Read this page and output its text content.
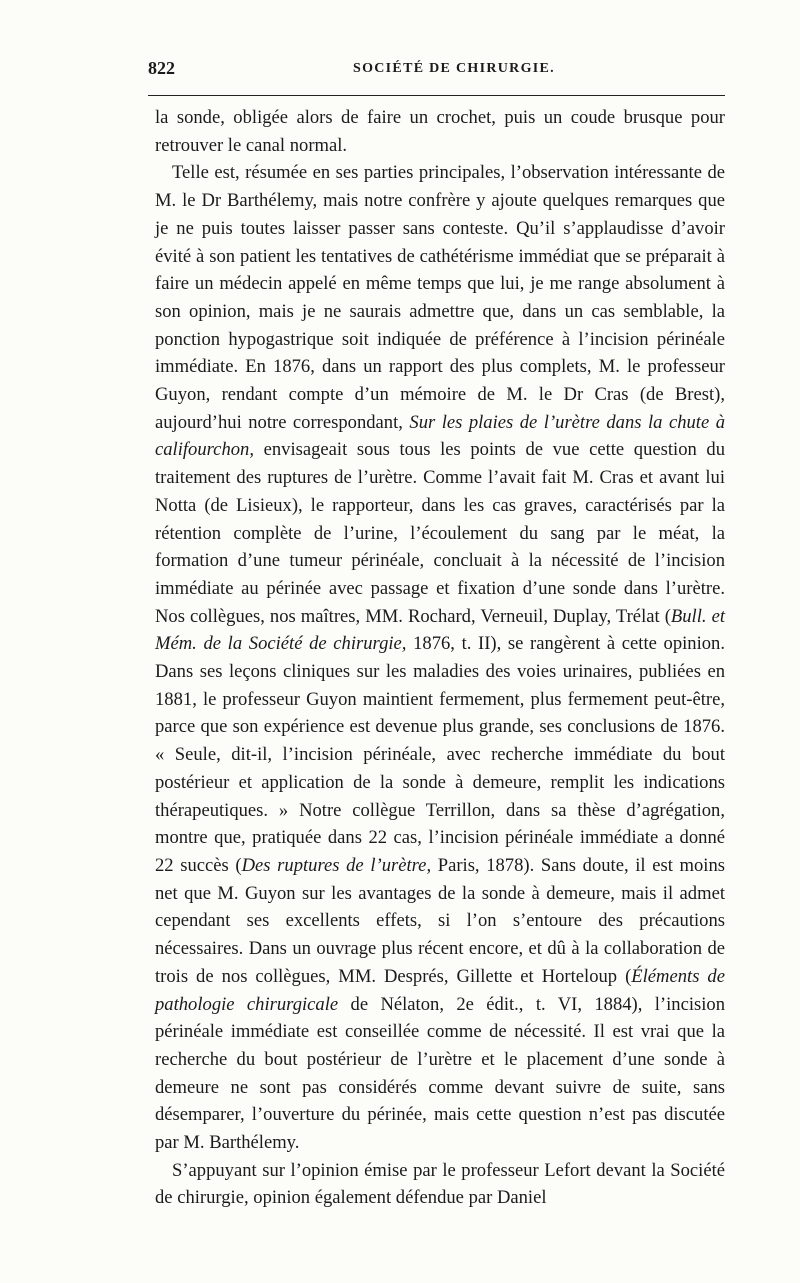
822	SOCIÉTÉ DE CHIRURGIE.

la sonde, obligée alors de faire un crochet, puis un coude brusque pour retrouver le canal normal.

Telle est, résumée en ses parties principales, l’observation intéressante de M. le Dr Barthélemy, mais notre confrère y ajoute quelques remarques que je ne puis toutes laisser passer sans conteste. Qu’il s’applaudisse d’avoir évité à son patient les tentatives de cathétérisme immédiat que se préparait à faire un médecin appelé en même temps que lui, je me range absolument à son opinion, mais je ne saurais admettre que, dans un cas semblable, la ponction hypogastrique soit indiquée de préférence à l’incision périnéale immédiate. En 1876, dans un rapport des plus complets, M. le professeur Guyon, rendant compte d’un mémoire de M. le Dr Cras (de Brest), aujourd’hui notre correspondant, Sur les plaies de l’urètre dans la chute à califourchon, envisageait sous tous les points de vue cette question du traitement des ruptures de l’urètre. Comme l’avait fait M. Cras et avant lui Notta (de Lisieux), le rapporteur, dans les cas graves, caractérisés par la rétention complète de l’urine, l’écoulement du sang par le méat, la formation d’une tumeur périnéale, concluait à la nécessité de l’incision immédiate au périnée avec passage et fixation d’une sonde dans l’urètre. Nos collègues, nos maîtres, MM. Rochard, Verneuil, Duplay, Trélat (Bull. et Mém. de la Société de chirurgie, 1876, t. II), se rangèrent à cette opinion. Dans ses leçons cliniques sur les maladies des voies urinaires, publiées en 1881, le professeur Guyon maintient fermement, plus fermement peut-être, parce que son expérience est devenue plus grande, ses conclusions de 1876. « Seule, dit-il, l’incision périnéale, avec recherche immédiate du bout postérieur et application de la sonde à demeure, remplit les indications thérapeutiques. » Notre collègue Terrillon, dans sa thèse d’agrégation, montre que, pratiquée dans 22 cas, l’incision périnéale immédiate a donné 22 succès (Des ruptures de l’urètre, Paris, 1878). Sans doute, il est moins net que M. Guyon sur les avantages de la sonde à demeure, mais il admet cependant ses excellents effets, si l’on s’entoure des précautions nécessaires. Dans un ouvrage plus récent encore, et dû à la collaboration de trois de nos collègues, MM. Després, Gillette et Horteloup (Éléments de pathologie chirurgicale de Nélaton, 2e édit., t. VI, 1884), l’incision périnéale immédiate est conseillée comme de nécessité. Il est vrai que la recherche du bout postérieur de l’urètre et le placement d’une sonde à demeure ne sont pas considérés comme devant suivre de suite, sans désemparer, l’ouverture du périnée, mais cette question n’est pas discutée par M. Barthélemy.

S’appuyant sur l’opinion émise par le professeur Lefort devant la Société de chirurgie, opinion également défendue par Daniel
